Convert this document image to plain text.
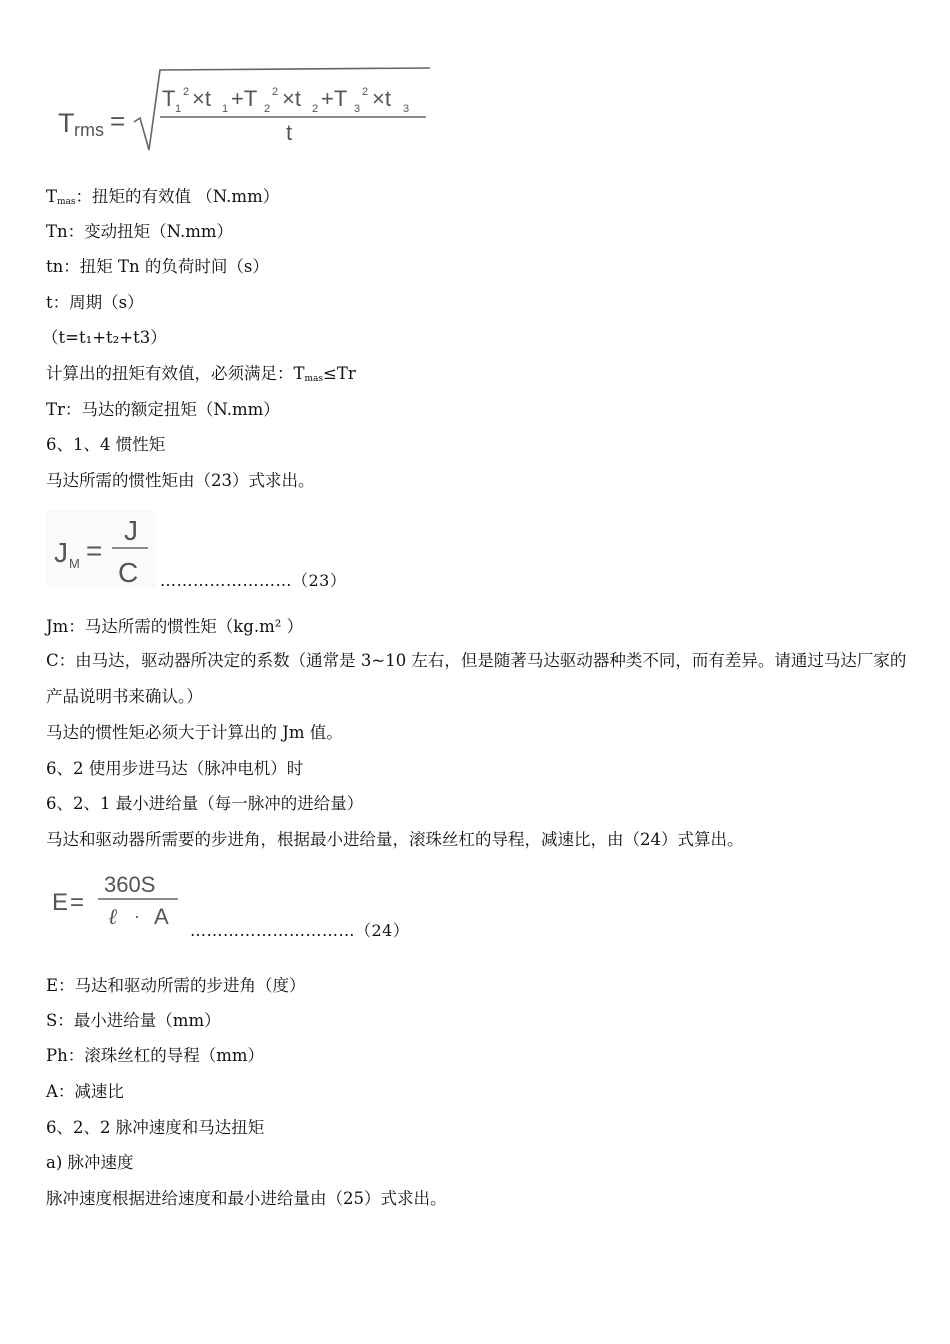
T rms =
T 1
2 ×t 1 +T 2
2 ×t 2 +T 3
2 ×t 3
t
$T_{mas}$：扭矩的有效值 （N.mm）
Tn：变动扭矩（N.mm）
tn：扭矩 Tn 的负荷时间（s）
t：周期（s）
（t=t₁+t₂+t3）
计算出的扭矩有效值，必须满足：$T_{mas}\le Tr$
Tr：马达的额定扭矩（N.mm）
6、1、4 惯性矩
马达所需的惯性矩由（23）式求出。
J M =
J
C ……………………（23）
Jm：马达所需的惯性矩（kg.m² ）
C：由马达，驱动器所决定的系数（通常是 3~10 左右，但是随著马达驱动器种类不同，而有差异。请通过马达厂家的产品说明书来确认。）
马达的惯性矩必须大于计算出的 Jm 值。
6、2 使用步进马达（脉冲电机）时
6、2、1 最小进给量（每一脉冲的进给量）
马达和驱动器所需要的步进角，根据最小进给量，滚珠丝杠的导程，减速比，由（24）式算出。
E =
360S
ℓ · A
…………………………（24）
E：马达和驱动所需的步进角（度）
S：最小进给量（mm）
Ph：滚珠丝杠的导程（mm）
A：减速比
6、2、2 脉冲速度和马达扭矩
a) 脉冲速度
脉冲速度根据进给速度和最小进给量由（25）式求出。
